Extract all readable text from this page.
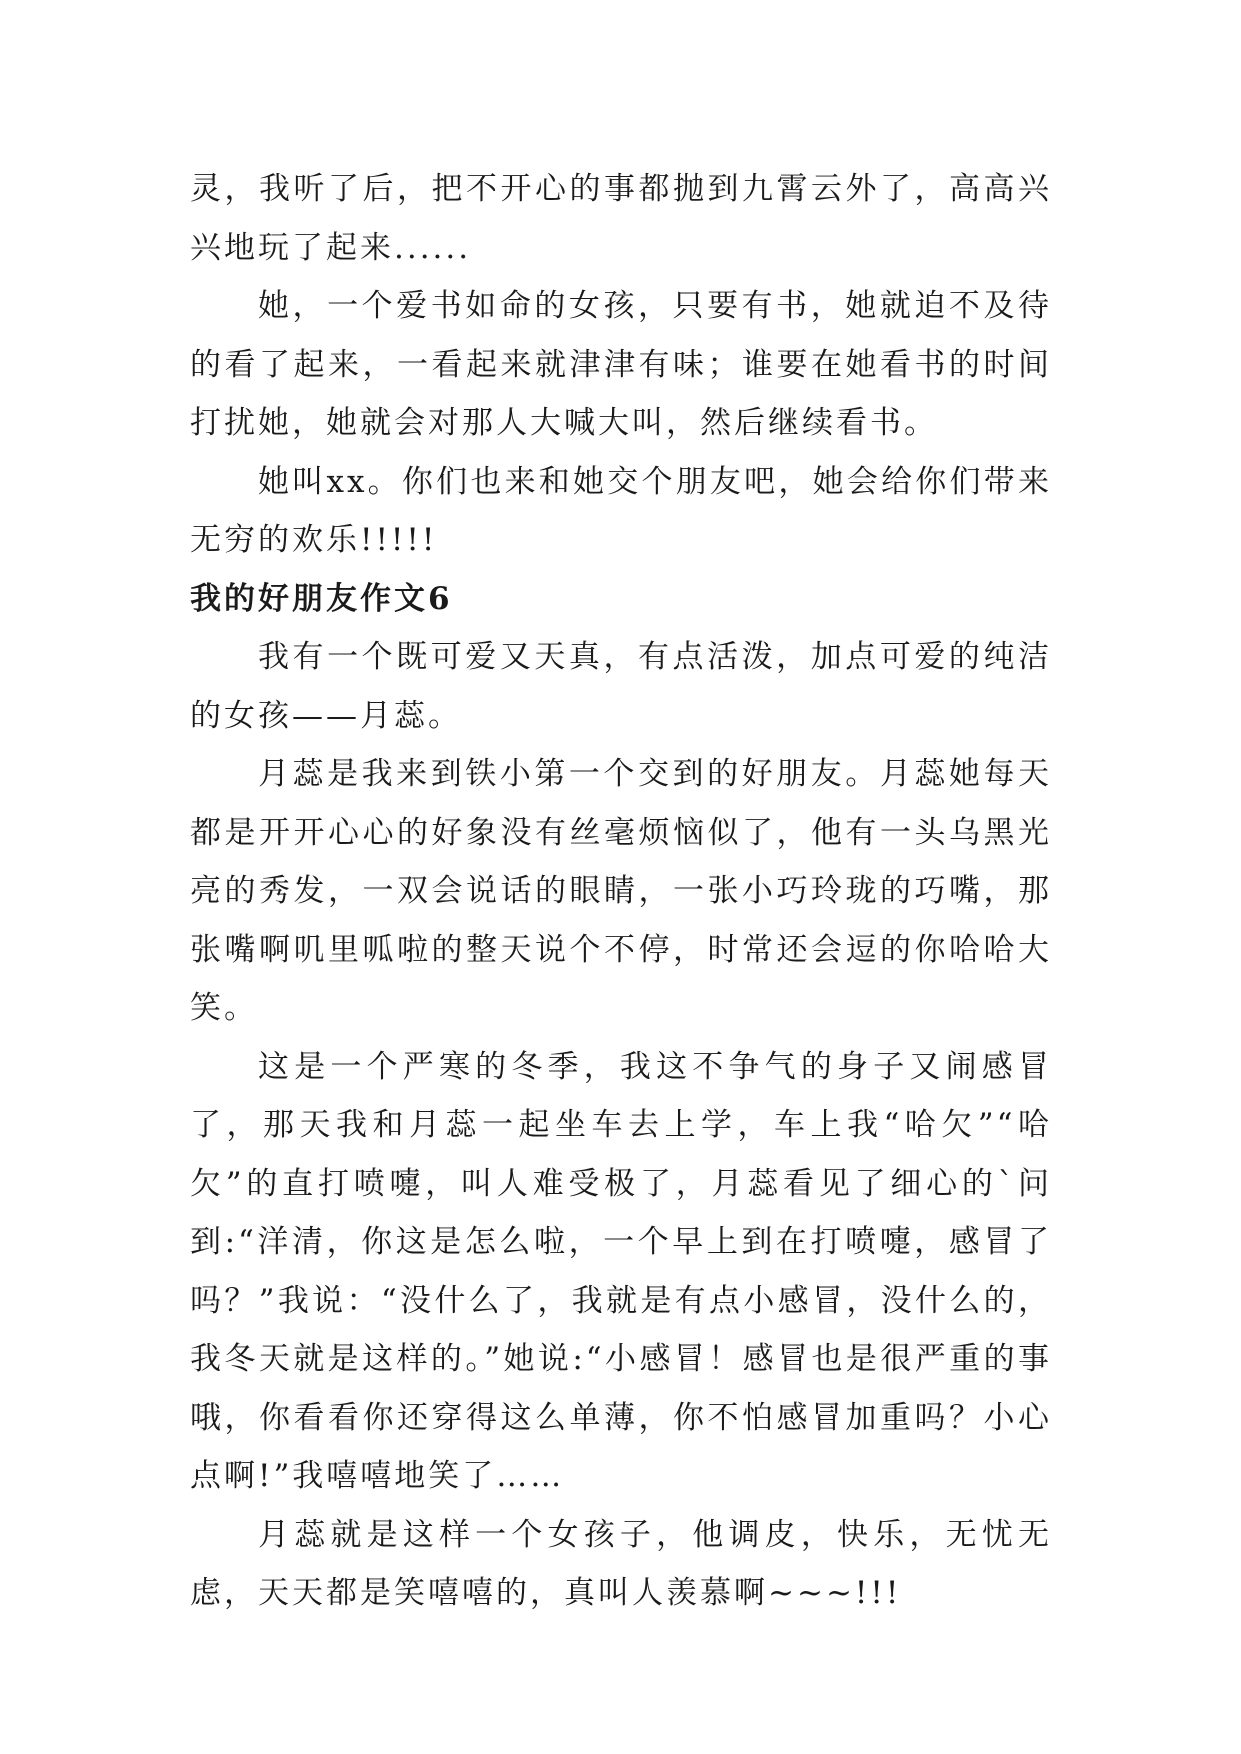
灵，我听了后，把不开心的事都抛到九霄云外了，高高兴兴地玩了起来......

她，一个爱书如命的女孩，只要有书，她就迫不及待的看了起来，一看起来就津津有味；谁要在她看书的时间打扰她，她就会对那人大喊大叫，然后继续看书。

她叫xx。你们也来和她交个朋友吧，她会给你们带来无穷的欢乐!!!!!

我的好朋友作文6

我有一个既可爱又天真，有点活泼，加点可爱的纯洁的女孩——月蕊。

月蕊是我来到铁小第一个交到的好朋友。月蕊她每天都是开开心心的好象没有丝毫烦恼似了，他有一头乌黑光亮的秀发，一双会说话的眼睛，一张小巧玲珑的巧嘴，那张嘴啊叽里呱啦的整天说个不停，时常还会逗的你哈哈大笑。

这是一个严寒的冬季，我这不争气的身子又闹感冒了，那天我和月蕊一起坐车去上学，车上我“哈欠”“哈欠”的直打喷嚏，叫人难受极了，月蕊看见了细心的`问到:“洋清，你这是怎么啦，一个早上到在打喷嚏，感冒了吗？”我说：“没什么了，我就是有点小感冒，没什么的，我冬天就是这样的。”她说:“小感冒！感冒也是很严重的事哦，你看看你还穿得这么单薄，你不怕感冒加重吗？小心点啊!”我嘻嘻地笑了……

月蕊就是这样一个女孩子，他调皮，快乐，无忧无虑，天天都是笑嘻嘻的，真叫人羡慕啊~~~!!!
